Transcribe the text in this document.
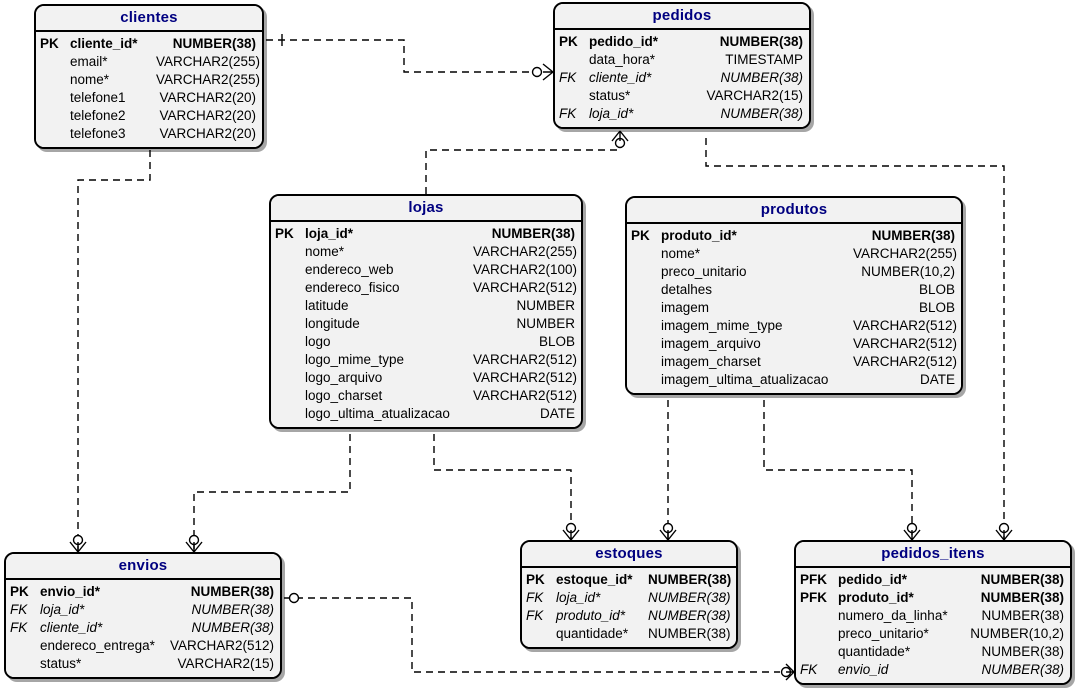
clientes
PK cliente_id*	NUMBER(38)
email*	VARCHAR2(255)
nome*	VARCHAR2(255)
telefone1	VARCHAR2(20)
telefone2	VARCHAR2(20)
telefone3	VARCHAR2(20)
pedidos
PK pedido_id*	NUMBER(38)
data_hora*	TIMESTAMP
FK cliente_id*	NUMBER(38)
status*	VARCHAR2(15)
FK loja_id*	NUMBER(38)
lojas
PK loja_id*	NUMBER(38)
nome*	VARCHAR2(255)
endereco_web	VARCHAR2(100)
endereco_fisico	VARCHAR2(512)
latitude	NUMBER
longitude	NUMBER
logo	BLOB
logo_mime_type	VARCHAR2(512)
logo_arquivo	VARCHAR2(512)
logo_charset	VARCHAR2(512)
logo_ultima_atualizacao	DATE
produtos
PK produto_id*	NUMBER(38)
nome*	VARCHAR2(255)
preco_unitario	NUMBER(10,2)
detalhes	BLOB
imagem	BLOB
imagem_mime_type	VARCHAR2(512)
imagem_arquivo	VARCHAR2(512)
imagem_charset	VARCHAR2(512)
imagem_ultima_atualizacao	DATE
envios
PK envio_id*	NUMBER(38)
FK loja_id*	NUMBER(38)
FK cliente_id*	NUMBER(38)
endereco_entrega*	VARCHAR2(512)
status*	VARCHAR2(15)
estoques
PK estoque_id*	NUMBER(38)
FK loja_id*	NUMBER(38)
FK produto_id*	NUMBER(38)
quantidade*	NUMBER(38)
pedidos_itens
PFK pedido_id*	NUMBER(38)
PFK produto_id*	NUMBER(38)
numero_da_linha*	NUMBER(38)
preco_unitario*	NUMBER(10,2)
quantidade*	NUMBER(38)
FK	envio_id	NUMBER(38)
